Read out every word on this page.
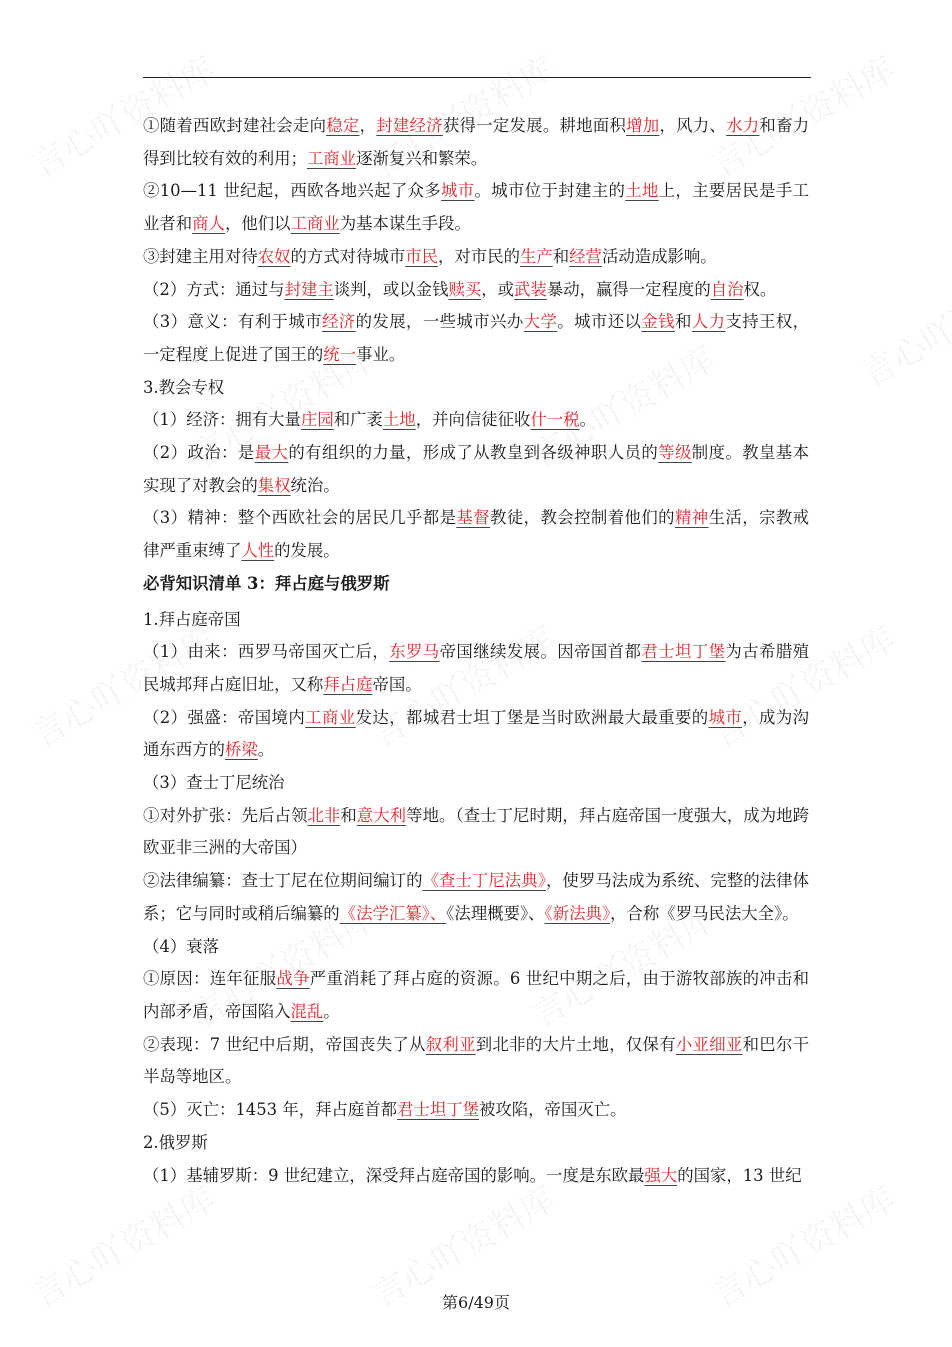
①随着西欧封建社会走向稳定，封建经济获得一定发展。耕地面积增加，风力、水力和畜力得到比较有效的利用；工商业逐渐复兴和繁荣。

②10—11 世纪起，西欧各地兴起了众多城市。城市位于封建主的土地上，主要居民是手工业者和商人，他们以工商业为基本谋生手段。

③封建主用对待农奴的方式对待城市市民，对市民的生产和经营活动造成影响。

（2）方式：通过与封建主谈判，或以金钱赎买，或武装暴动，赢得一定程度的自治权。

（3）意义：有利于城市经济的发展，一些城市兴办大学。城市还以金钱和人力支持王权，一定程度上促进了国王的统一事业。

3.教会专权

（1）经济：拥有大量庄园和广袤土地，并向信徒征收什一税。

（2）政治：是最大的有组织的力量，形成了从教皇到各级神职人员的等级制度。教皇基本实现了对教会的集权统治。

（3）精神：整个西欧社会的居民几乎都是基督教徒，教会控制着他们的精神生活，宗教戒律严重束缚了人性的发展。

必背知识清单 3：拜占庭与俄罗斯

1.拜占庭帝国

（1）由来：西罗马帝国灭亡后，东罗马帝国继续发展。因帝国首都君士坦丁堡为古希腊殖民城邦拜占庭旧址，又称拜占庭帝国。

（2）强盛：帝国境内工商业发达，都城君士坦丁堡是当时欧洲最大最重要的城市，成为沟通东西方的桥梁。

（3）查士丁尼统治

①对外扩张：先后占领北非和意大利等地。（查士丁尼时期，拜占庭帝国一度强大，成为地跨欧亚非三洲的大帝国）

②法律编纂：查士丁尼在位期间编订的《查士丁尼法典》，使罗马法成为系统、完整的法律体系；它与同时或稍后编纂的《法学汇纂》、《法理概要》、《新法典》，合称《罗马民法大全》。

（4）衰落

①原因：连年征服战争严重消耗了拜占庭的资源。6 世纪中期之后，由于游牧部族的冲击和内部矛盾，帝国陷入混乱。

②表现：7 世纪中后期，帝国丧失了从叙利亚到北非的大片土地，仅保有小亚细亚和巴尔干半岛等地区。

（5）灭亡：1453 年，拜占庭首都君士坦丁堡被攻陷，帝国灭亡。

2.俄罗斯

（1）基辅罗斯：9 世纪建立，深受拜占庭帝国的影响。一度是东欧最强大的国家，13 世纪

第6/49页
